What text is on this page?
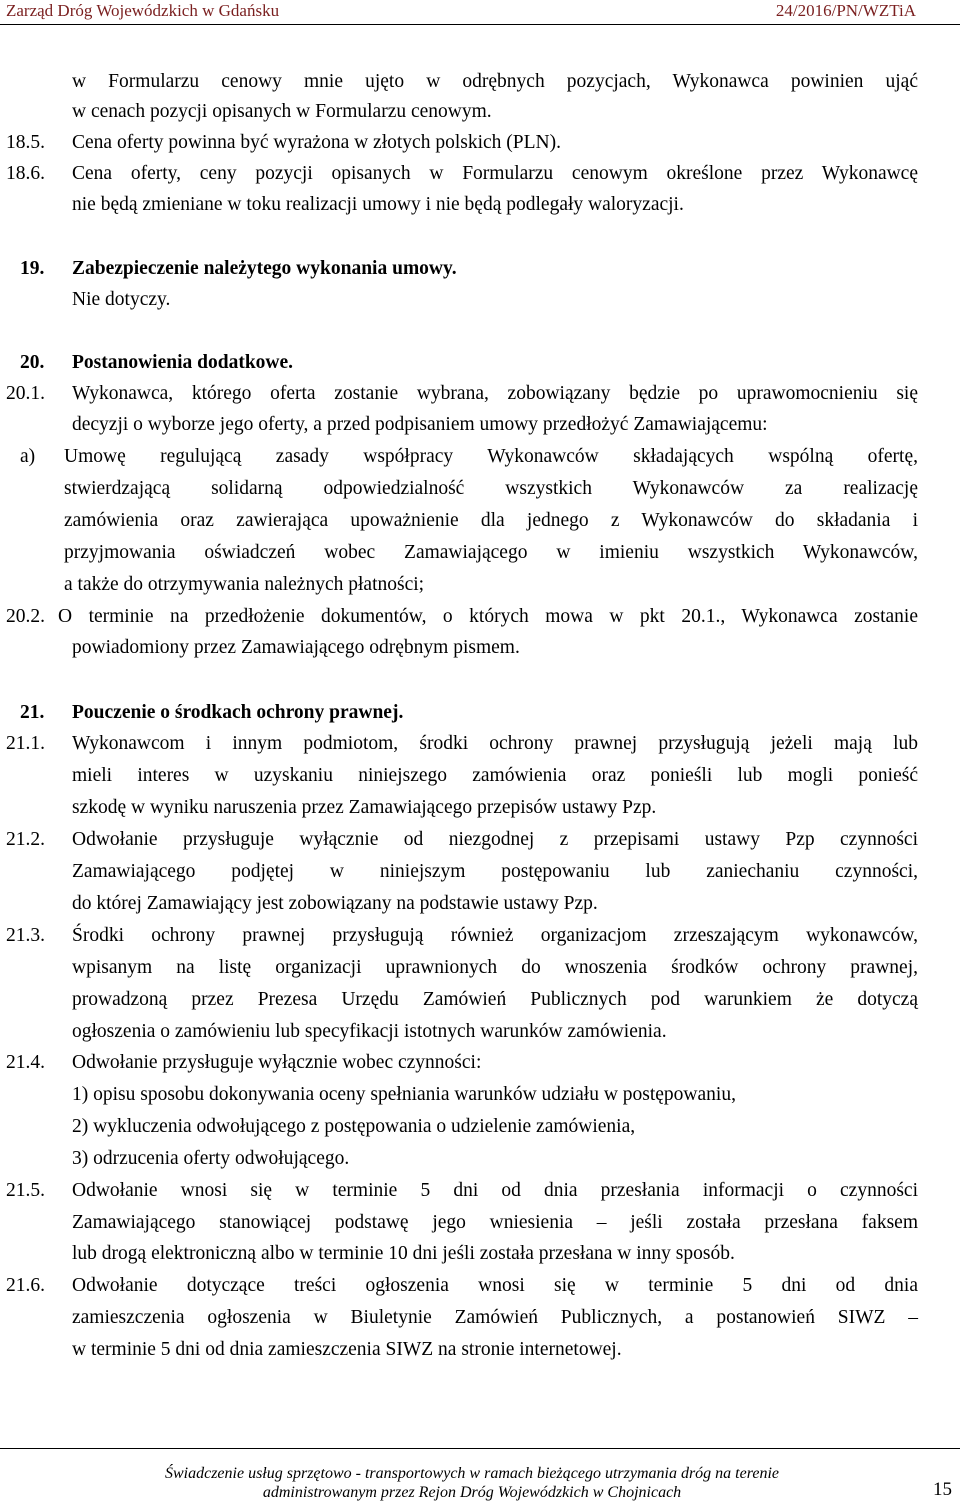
Zarząd Dróg Wojewódzkich w Gdańsku	24/2016/PN/WZTiA
w Formularzu cenowy mnie ujęto w odrębnych pozycjach, Wykonawca powinien ująć
w cenach pozycji opisanych w Formularzu cenowym.
18.5. Cena oferty powinna być wyrażona w złotych polskich (PLN).
18.6. Cena oferty, ceny pozycji opisanych w Formularzu cenowym określone przez Wykonawcę
nie będą zmieniane w toku realizacji umowy i nie będą podlegały waloryzacji.
19. Zabezpieczenie należytego wykonania umowy.
Nie dotyczy.
20. Postanowienia dodatkowe.
20.1. Wykonawca, którego oferta zostanie wybrana, zobowiązany będzie po uprawomocnieniu się
decyzji o wyborze jego oferty, a przed podpisaniem umowy przedłożyć Zamawiającemu:
a) Umowę regulującą zasady współpracy Wykonawców składających wspólną ofertę,
stwierdzającą solidarną odpowiedzialność wszystkich Wykonawców za realizację
zamówienia oraz zawierająca upoważnienie dla jednego z Wykonawców do składania i
przyjmowania oświadczeń wobec Zamawiającego w imieniu wszystkich Wykonawców,
a także do otrzymywania należnych płatności;
20.2. O terminie na przedłożenie dokumentów, o których mowa w pkt 20.1., Wykonawca zostanie
powiadomiony przez Zamawiającego odrębnym pismem.
21. Pouczenie o środkach ochrony prawnej.
21.1. Wykonawcom i innym podmiotom, środki ochrony prawnej przysługują jeżeli mają lub
mieli interes w uzyskaniu niniejszego zamówienia oraz ponieśli lub mogli ponieść
szkodę w wyniku naruszenia przez Zamawiającego przepisów ustawy Pzp.
21.2. Odwołanie przysługuje wyłącznie od niezgodnej z przepisami ustawy Pzp czynności
Zamawiającego podjętej w niniejszym postępowaniu lub zaniechaniu czynności,
do której Zamawiający jest zobowiązany na podstawie ustawy Pzp.
21.3. Środki ochrony prawnej przysługują również organizacjom zrzeszającym wykonawców,
wpisanym na listę organizacji uprawnionych do wnoszenia środków ochrony prawnej,
prowadzoną przez Prezesa Urzędu Zamówień Publicznych pod warunkiem że dotyczą
ogłoszenia o zamówieniu lub specyfikacji istotnych warunków zamówienia.
21.4. Odwołanie przysługuje wyłącznie wobec czynności:
1) opisu sposobu dokonywania oceny spełniania warunków udziału w postępowaniu,
2) wykluczenia odwołującego z postępowania o udzielenie zamówienia,
3) odrzucenia oferty odwołującego.
21.5. Odwołanie wnosi się w terminie 5 dni od dnia przesłania informacji o czynności
Zamawiającego stanowiącej podstawę jego wniesienia – jeśli została przesłana faksem
lub drogą elektroniczną albo w terminie 10 dni jeśli została przesłana w inny sposób.
21.6. Odwołanie dotyczące treści ogłoszenia wnosi się w terminie 5 dni od dnia
zamieszczenia ogłoszenia w Biuletynie Zamówień Publicznych, a postanowień SIWZ –
w terminie 5 dni od dnia zamieszczenia SIWZ na stronie internetowej.
Świadczenie usług sprzętowo - transportowych w ramach bieżącego utrzymania dróg na terenie
administrowanym przez Rejon Dróg Wojewódzkich w Chojnicach	15
